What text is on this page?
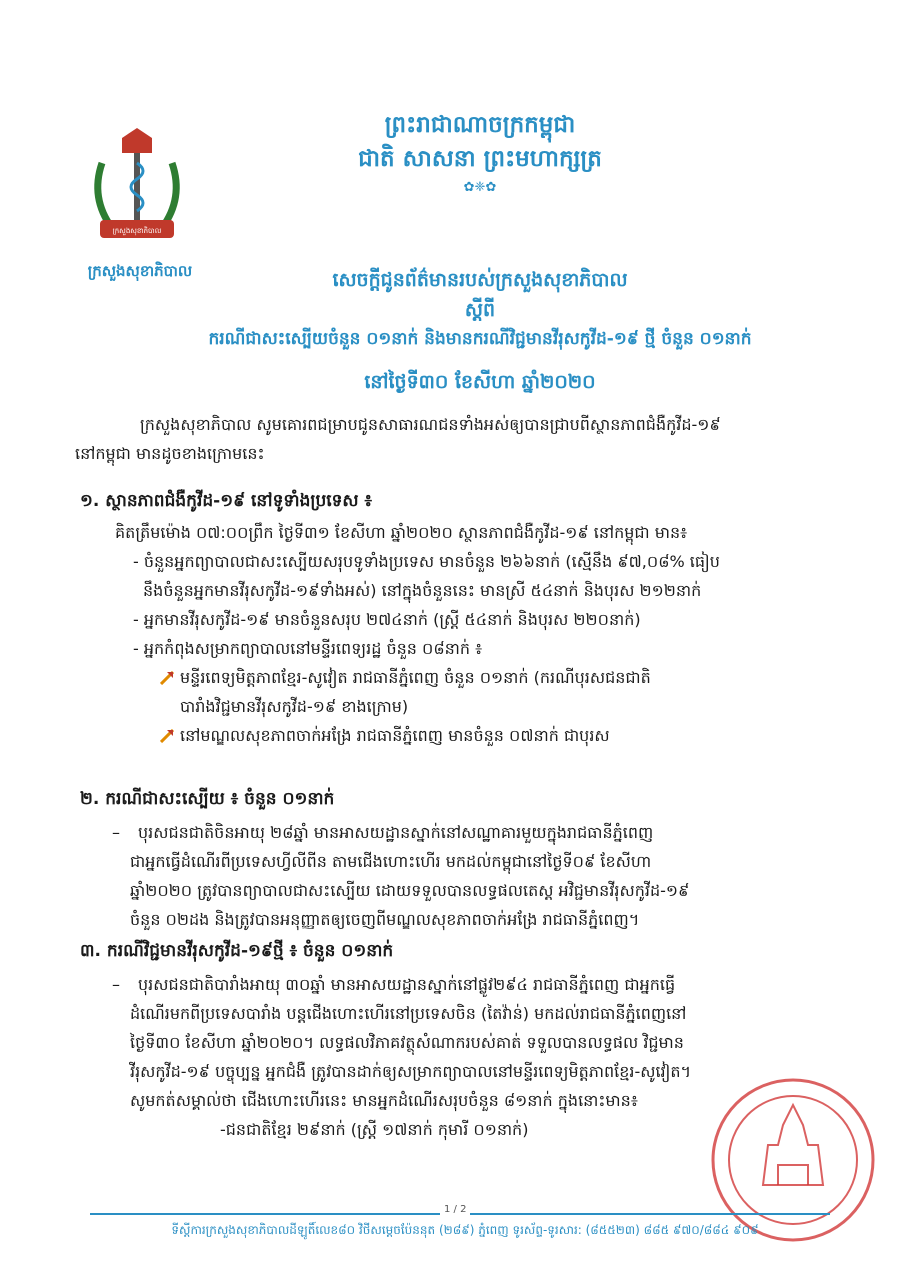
ក្រសួងសុខាភិបាល
ក្រសួងសុខាភិបាល
ព្រះរាជាណាចក្រកម្ពុជា
ជាតិ សាសនា ព្រះមហាក្សត្រ
✿❈✿
សេចក្តីជូនព័ត៌មានរបស់ក្រសួងសុខាភិបាល
ស្តីពី
ករណីជាសះស្បើយចំនួន ០១នាក់ និងមានករណីវិជ្ជមានវីរុសកូវីដ-១៩ ថ្មី ចំនួន ០១នាក់
នៅថ្ងៃទី៣០ ខែសីហា ឆ្នាំ២០២០
ក្រសួងសុខាភិបាល សូមគោរពជម្រាបជូនសាធារណជនទាំងអស់ឲ្យបានជ្រាបពីស្ថានភាពជំងឺកូវីដ-១៩
នៅកម្ពុជា មានដូចខាងក្រោមនេះ
១. ស្ថានភាពជំងឺកូវីដ-១៩ នៅទូទាំងប្រទេស ៖
គិតត្រឹមម៉ោង ០៧:០០ព្រឹក ថ្ងៃទី៣១ ខែសីហា ឆ្នាំ២០២០ ស្ថានភាពជំងឺកូវីដ-១៩ នៅកម្ពុជា មាន៖
- ចំនួនអ្នកព្យាបាលជាសះស្បើយសរុបទូទាំងប្រទេស មានចំនួន ២៦៦នាក់ (ស្មើនឹង ៩៧,០៨% ធៀប
នឹងចំនួនអ្នកមានវីរុសកូវីដ-១៩ទាំងអស់) នៅក្នុងចំនួននេះ មានស្រី ៥៤នាក់ និងបុរស ២១២នាក់
- អ្នកមានវីរុសកូវីដ-១៩ មានចំនួនសរុប ២៧៤នាក់ (ស្ត្រី ៥៤នាក់ និងបុរស ២២០នាក់)
- អ្នកកំពុងសម្រាកព្យាបាលនៅមន្ទីរពេទ្យរដ្ឋ ចំនួន ០៨នាក់ ៖
មន្ទីរពេទ្យមិត្តភាពខ្មែរ-សូវៀត រាជធានីភ្នំពេញ ចំនួន ០១នាក់ (ករណីបុរសជនជាតិ
បារាំងវិជ្ជមានវីរុសកូវីដ-១៩ ខាងក្រោម)
នៅមណ្ឌលសុខភាពចាក់អង្រែ រាជធានីភ្នំពេញ មានចំនួន ០៧នាក់ ជាបុរស
២. ករណីជាសះស្បើយ ៖ ចំនួន ០១នាក់
– បុរសជនជាតិចិនអាយុ ២៨ឆ្នាំ មានអាសយដ្ឋានស្នាក់នៅសណ្ឋាគារមួយក្នុងរាជធានីភ្នំពេញ
ជាអ្នកធ្វើដំណើរពីប្រទេសហ្វីលីពីន តាមជើងហោះហើរ មកដល់កម្ពុជានៅថ្ងៃទី០៩ ខែសីហា
ឆ្នាំ២០២០ ត្រូវបានព្យាបាលជាសះស្បើយ ដោយទទួលបានលទ្ធផលតេស្ត អវិជ្ជមានវីរុសកូវីដ-១៩
ចំនួន ០២ដង និងត្រូវបានអនុញ្ញាតឲ្យចេញពីមណ្ឌលសុខភាពចាក់អង្រែ រាជធានីភ្នំពេញ។
៣. ករណីវិជ្ជមានវីរុសកូវីដ-១៩ថ្មី ៖ ចំនួន ០១នាក់
– បុរសជនជាតិបារាំងអាយុ ៣០ឆ្នាំ មានអាសយដ្ឋានស្នាក់នៅផ្លូវ២៩៤ រាជធានីភ្នំពេញ ជាអ្នកធ្វើ
ដំណើរមកពីប្រទេសបារាំង បន្តជើងហោះហើរនៅប្រទេសចិន (តៃវ៉ាន់) មកដល់រាជធានីភ្នំពេញនៅ
ថ្ងៃទី៣០ ខែសីហា ឆ្នាំ២០២០។ លទ្ធផលវិភាគវត្ថុសំណាករបស់គាត់ ទទួលបានលទ្ធផល វិជ្ជមាន
វីរុសកូវីដ-១៩ បច្ចុប្បន្ន អ្នកជំងឺ ត្រូវបានដាក់ឲ្យសម្រាកព្យាបាលនៅមន្ទីរពេទ្យមិត្តភាពខ្មែរ-សូវៀត។
សូមកត់សម្គាល់ថា ជើងហោះហើរនេះ មានអ្នកដំណើរសរុបចំនួន ៨១នាក់ ក្នុងនោះមាន៖
-ជនជាតិខ្មែរ ២៩នាក់ (ស្ត្រី ១៧នាក់ កុមារី ០១នាក់)
1 / 2
ទីស្តីការក្រសួងសុខាភិបាលដីឡូតិ៍លេខ៨០ វិថីសម្តេចប៉ែននុត (២៨៩) ភ្នំពេញ ទូរស័ព្ទ-ទូរសារ: (៨៥៥២៣) ៨៨៥ ៩៧០/៨៨៤ ៩០៩
